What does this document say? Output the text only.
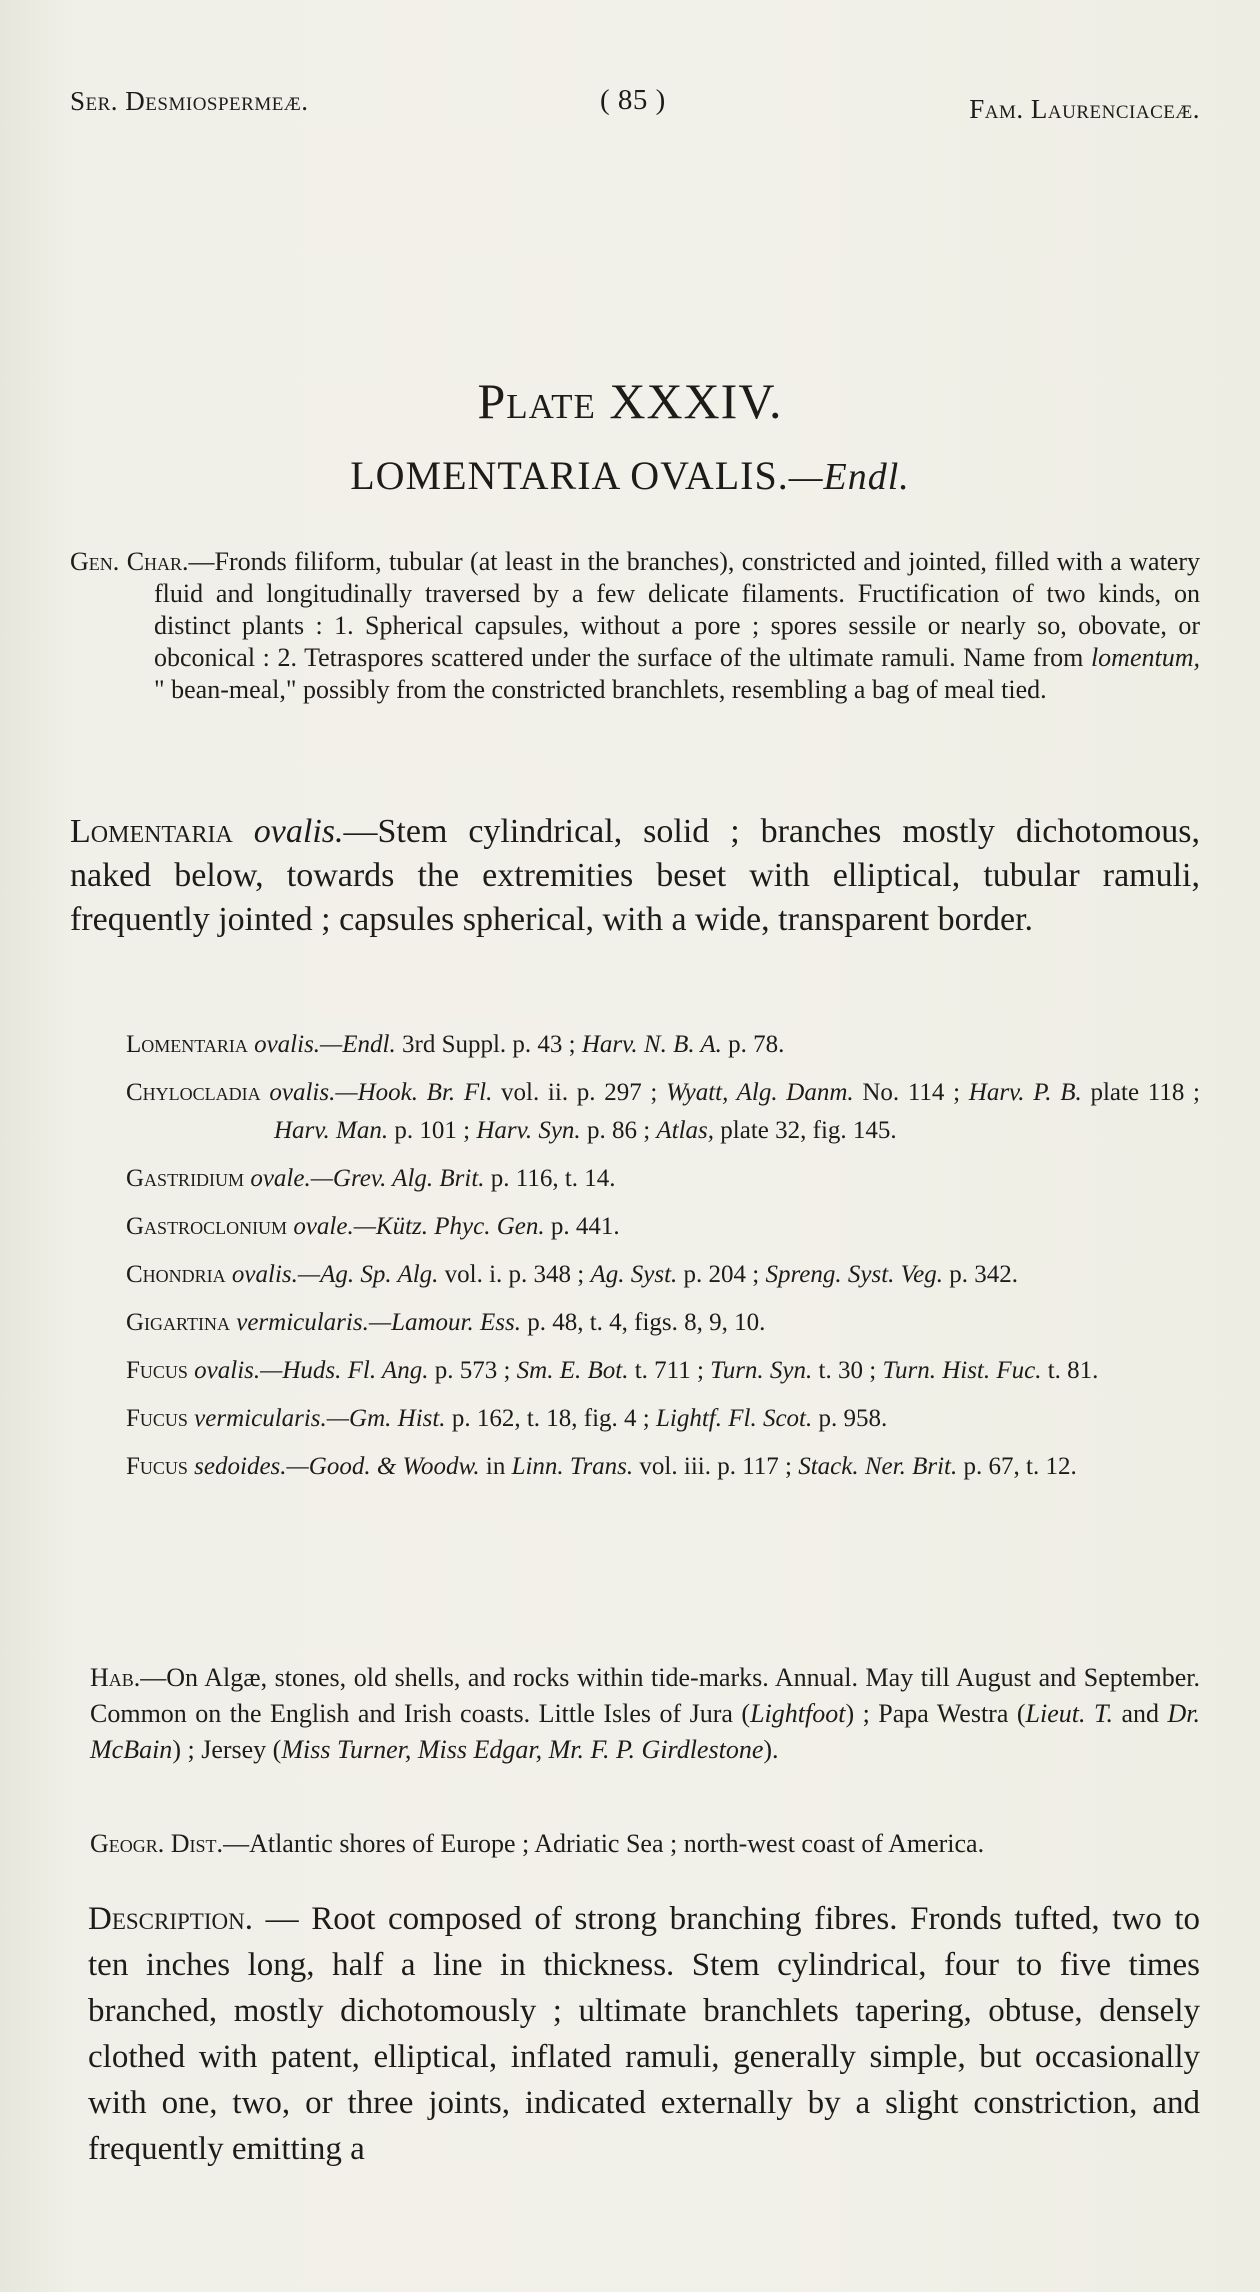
Ser. Desmiospermeæ.	( 85 )	Fam. Laurenciaceæ.
Plate XXXIV.
LOMENTARIA OVALIS.—Endl.

Gen. Char.—Fronds filiform, tubular (at least in the branches), constricted and jointed, filled with a watery fluid and longitudinally traversed by a few delicate filaments. Fructification of two kinds, on distinct plants : 1. Spherical capsules, without a pore ; spores sessile or nearly so, obovate, or obconical : 2. Tetraspores scattered under the surface of the ultimate ramuli. Name from lomentum, " bean-meal," possibly from the constricted branchlets, resembling a bag of meal tied.

Lomentaria ovalis.—Stem cylindrical, solid ; branches mostly dichotomous, naked below, towards the extremities beset with elliptical, tubular ramuli, frequently jointed ; capsules spherical, with a wide, transparent border.

Lomentaria ovalis.—Endl. 3rd Suppl. p. 43 ; Harv. N. B. A. p. 78.

Chylocladia ovalis.—Hook. Br. Fl. vol. ii. p. 297 ; Wyatt, Alg. Danm. No. 114 ; Harv. P. B. plate 118 ; Harv. Man. p. 101 ; Harv. Syn. p. 86 ; Atlas, plate 32, fig. 145.

Gastridium ovale.—Grev. Alg. Brit. p. 116, t. 14.

Gastroclonium ovale.—Kütz. Phyc. Gen. p. 441.

Chondria ovalis.—Ag. Sp. Alg. vol. i. p. 348 ; Ag. Syst. p. 204 ; Spreng. Syst. Veg. p. 342.

Gigartina vermicularis.—Lamour. Ess. p. 48, t. 4, figs. 8, 9, 10.

Fucus ovalis.—Huds. Fl. Ang. p. 573 ; Sm. E. Bot. t. 711 ; Turn. Syn. t. 30 ; Turn. Hist. Fuc. t. 81.

Fucus vermicularis.—Gm. Hist. p. 162, t. 18, fig. 4 ; Lightf. Fl. Scot. p. 958.

Fucus sedoides.—Good. & Woodw. in Linn. Trans. vol. iii. p. 117 ; Stack. Ner. Brit. p. 67, t. 12.

Hab.—On Algæ, stones, old shells, and rocks within tide-marks. Annual. May till August and September. Common on the English and Irish coasts. Little Isles of Jura (Lightfoot) ; Papa Westra (Lieut. T. and Dr. McBain) ; Jersey (Miss Turner, Miss Edgar, Mr. F. P. Girdlestone).

Geogr. Dist.—Atlantic shores of Europe ; Adriatic Sea ; north-west coast of America.

Description. — Root composed of strong branching fibres. Fronds tufted, two to ten inches long, half a line in thickness. Stem cylindrical, four to five times branched, mostly dichotomously ; ultimate branchlets tapering, obtuse, densely clothed with patent, elliptical, inflated ramuli, generally simple, but occasionally with one, two, or three joints, indicated externally by a slight constriction, and frequently emitting a
